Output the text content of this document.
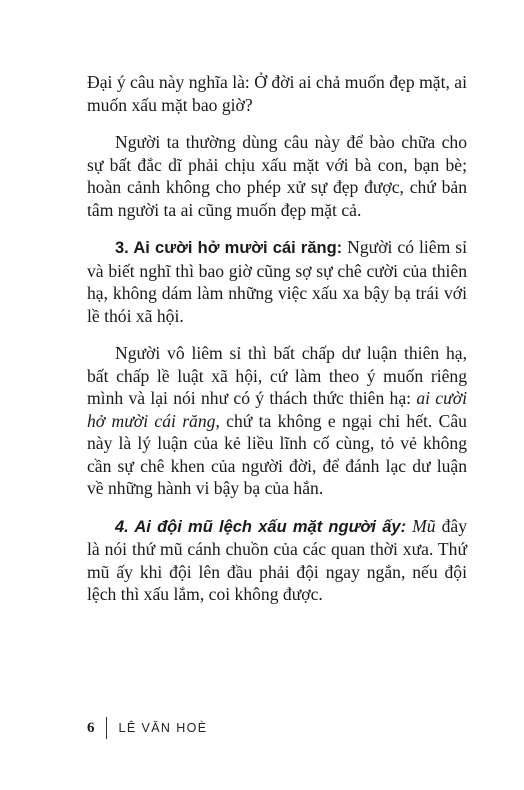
Đại ý câu này nghĩa là: Ở đời ai chả muốn đẹp mặt, ai muốn xấu mặt bao giờ?

Người ta thường dùng câu này để bào chữa cho sự bất đắc dĩ phải chịu xấu mặt với bà con, bạn bè; hoàn cảnh không cho phép xử sự đẹp được, chứ bản tâm người ta ai cũng muốn đẹp mặt cả.

3. Ai cười hở mười cái răng: Người có liêm sỉ và biết nghĩ thì bao giờ cũng sợ sự chê cười của thiên hạ, không dám làm những việc xấu xa bậy bạ trái với lề thói xã hội.

Người vô liêm sỉ thì bất chấp dư luận thiên hạ, bất chấp lề luật xã hội, cứ làm theo ý muốn riêng mình và lại nói như có ý thách thức thiên hạ: ai cười hở mười cái răng, chứ ta không e ngại chi hết. Câu này là lý luận của kẻ liều lĩnh cố cùng, tỏ vẻ không cần sự chê khen của người đời, để đánh lạc dư luận về những hành vi bậy bạ của hắn.

4. Ai đội mũ lệch xấu mặt người ấy: Mũ đây là nói thứ mũ cánh chuồn của các quan thời xưa. Thứ mũ ấy khi đội lên đầu phải đội ngay ngắn, nếu đội lệch thì xấu lắm, coi không được.

6 LÊ VĂN HOÈ
